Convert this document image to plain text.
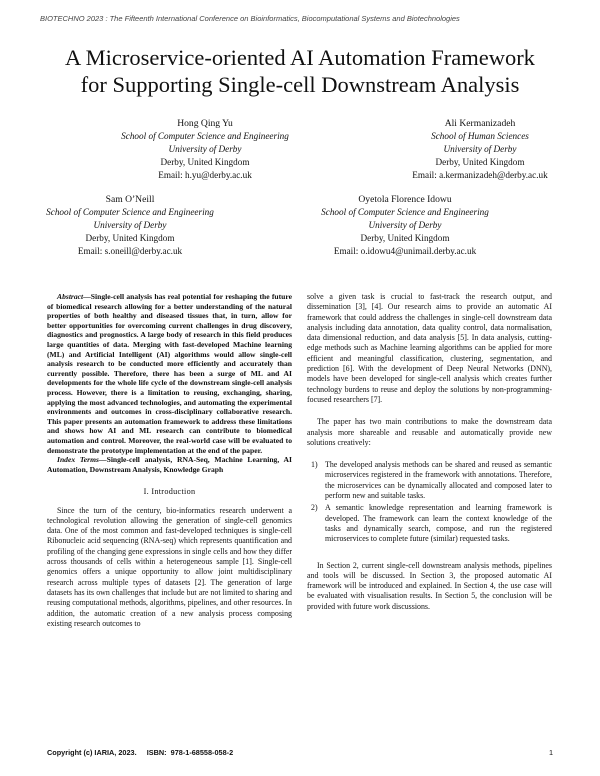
BIOTECHNO 2023 : The Fifteenth International Conference on Bioinformatics, Biocomputational Systems and Biotechnologies
A Microservice-oriented AI Automation Framework
for Supporting Single-cell Downstream Analysis
Hong Qing Yu
School of Computer Science and Engineering
University of Derby
Derby, United Kingdom
Email: h.yu@derby.ac.uk
Ali Kermanizadeh
School of Human Sciences
University of Derby
Derby, United Kingdom
Email: a.kermanizadeh@derby.ac.uk
Sam O’Neill
School of Computer Science and Engineering
University of Derby
Derby, United Kingdom
Email: s.oneill@derby.ac.uk
Oyetola Florence Idowu
School of Computer Science and Engineering
University of Derby
Derby, United Kingdom
Email: o.idowu4@unimail.derby.ac.uk

Abstract—Single-cell analysis has real potential for reshaping the future of biomedical research allowing for a better understanding of the natural properties of both healthy and diseased tissues that, in turn, allow for better opportunities for overcoming current challenges in drug discovery, diagnostics and prognostics. A large body of research in this field produces large quantities of data. Merging with fast-developed Machine learning (ML) and Artificial Intelligent (AI) algorithms would allow single-cell analysis research to be conducted more efficiently and accurately than currently possible. Therefore, there has been a surge of ML and AI developments for the whole life cycle of the downstream single-cell analysis process. However, there is a limitation to reusing, exchanging, sharing, applying the most advanced technologies, and automating the experimental environments and outcomes in cross-disciplinary collaborative research. This paper presents an automation framework to address these limitations and shows how AI and ML research can contribute to biomedical automation and control. Moreover, the real-world case will be evaluated to demonstrate the prototype implementation at the end of the paper.

Index Terms—Single-cell analysis, RNA-Seq, Machine Learning, AI Automation, Downstream Analysis, Knowledge Graph

I. Introduction

Since the turn of the century, bio-informatics research underwent a technological revolution allowing the generation of single-cell genomics data. One of the most common and fast-developed techniques is single-cell Ribonucleic acid sequencing (RNA-seq) which represents quantification and profiling of the changing gene expressions in single cells and how they differ across thousands of cells within a heterogeneous sample [1]. Single-cell genomics offers a unique opportunity to allow joint multidisciplinary research across multiple types of datasets [2]. The generation of large datasets has its own challenges that include but are not limited to sharing and reusing computational methods, algorithms, pipelines, and other resources. In addition, the automatic creation of a new analysis process composing existing research outcomes to

solve a given task is crucial to fast-track the research output, and dissemination [3], [4]. Our research aims to provide an automatic AI framework that could address the challenges in single-cell downstream data analysis including data annotation, data quality control, data normalisation, data dimensional reduction, and data analysis [5]. In data analysis, cutting-edge methods such as Machine learning algorithms can be applied for more efficient and meaningful classification, clustering, segmentation, and prediction [6]. With the development of Deep Neural Networks (DNN), models have been developed for single-cell analysis which creates further technology burdens to reuse and deploy the solutions by non-programming-focused researchers [7].

The paper has two main contributions to make the downstream data analysis more shareable and reusable and automatically provide new solutions creatively:

1) The developed analysis methods can be shared and reused as semantic microservices registered in the framework with annotations. Therefore, the microservices can be dynamically allocated and composed later to perform new and suitable tasks.
2) A semantic knowledge representation and learning framework is developed. The framework can learn the context knowledge of the tasks and dynamically search, compose, and run the registered microservices to complete future (similar) requested tasks.

In Section 2, current single-cell downstream analysis methods, pipelines and tools will be discussed. In Section 3, the proposed automatic AI framework will be introduced and explained. In Section 4, the use case will be evaluated with visualisation results. In Section 5, the conclusion will be provided with future work discussions.

Copyright (c) IARIA, 2023.     ISBN:  978-1-68558-058-2	1
